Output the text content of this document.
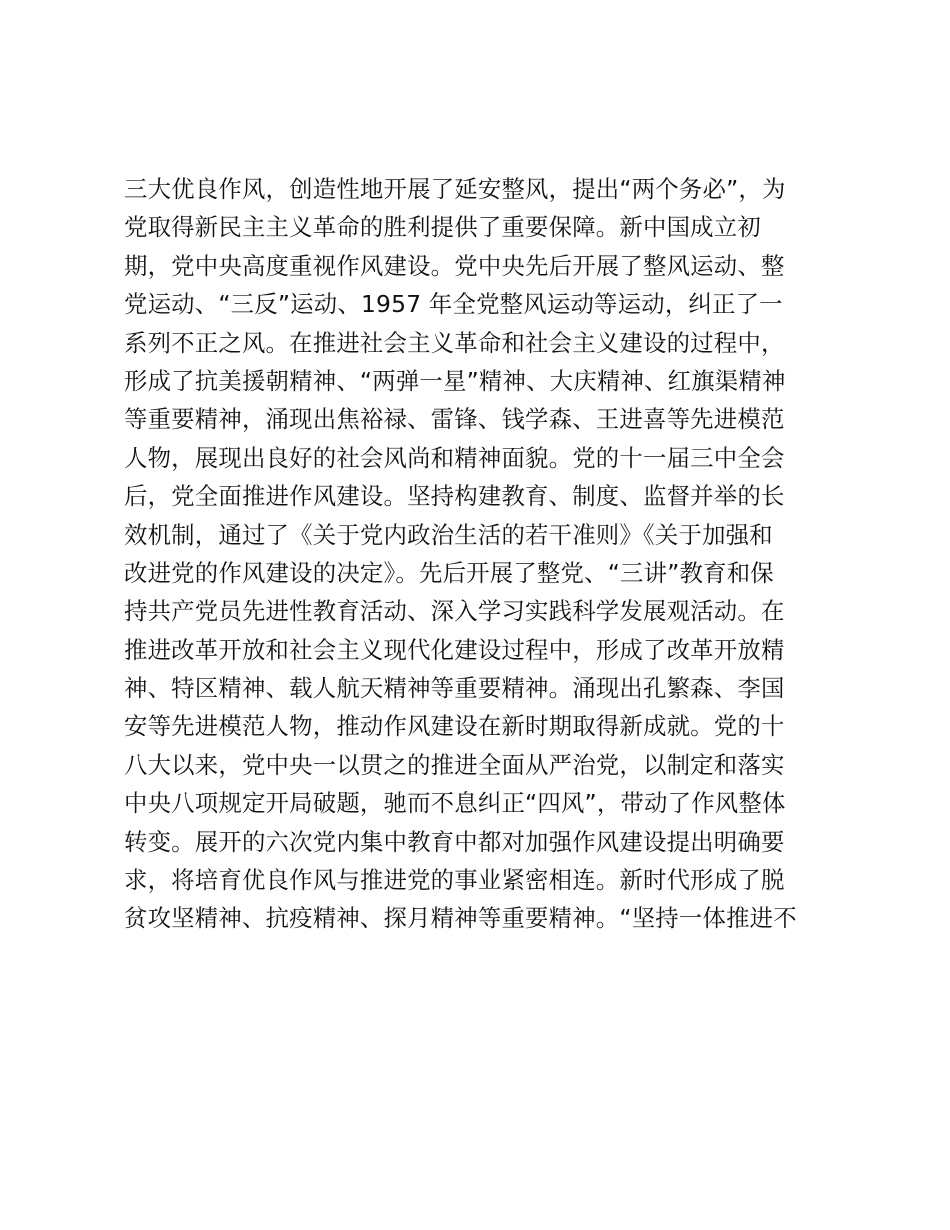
三大优良作风，创造性地开展了延安整风，提出“两个务必”，为
党取得新民主主义革命的胜利提供了重要保障。新中国成立初
期，党中央高度重视作风建设。党中央先后开展了整风运动、整
党运动、“三反”运动、1957 年全党整风运动等运动，纠正了一
系列不正之风。在推进社会主义革命和社会主义建设的过程中，
形成了抗美援朝精神、“两弹一星”精神、大庆精神、红旗渠精神
等重要精神，涌现出焦裕禄、雷锋、钱学森、王进喜等先进模范
人物，展现出良好的社会风尚和精神面貌。党的十一届三中全会
后，党全面推进作风建设。坚持构建教育、制度、监督并举的长
效机制，通过了《关于党内政治生活的若干准则》《关于加强和
改进党的作风建设的决定》。先后开展了整党、“三讲”教育和保
持共产党员先进性教育活动、深入学习实践科学发展观活动。在
推进改革开放和社会主义现代化建设过程中，形成了改革开放精
神、特区精神、载人航天精神等重要精神。涌现出孔繁森、李国
安等先进模范人物，推动作风建设在新时期取得新成就。党的十
八大以来，党中央一以贯之的推进全面从严治党，以制定和落实
中央八项规定开局破题，驰而不息纠正“四风”，带动了作风整体
转变。展开的六次党内集中教育中都对加强作风建设提出明确要
求，将培育优良作风与推进党的事业紧密相连。新时代形成了脱
贫攻坚精神、抗疫精神、探月精神等重要精神。“坚持一体推进不
